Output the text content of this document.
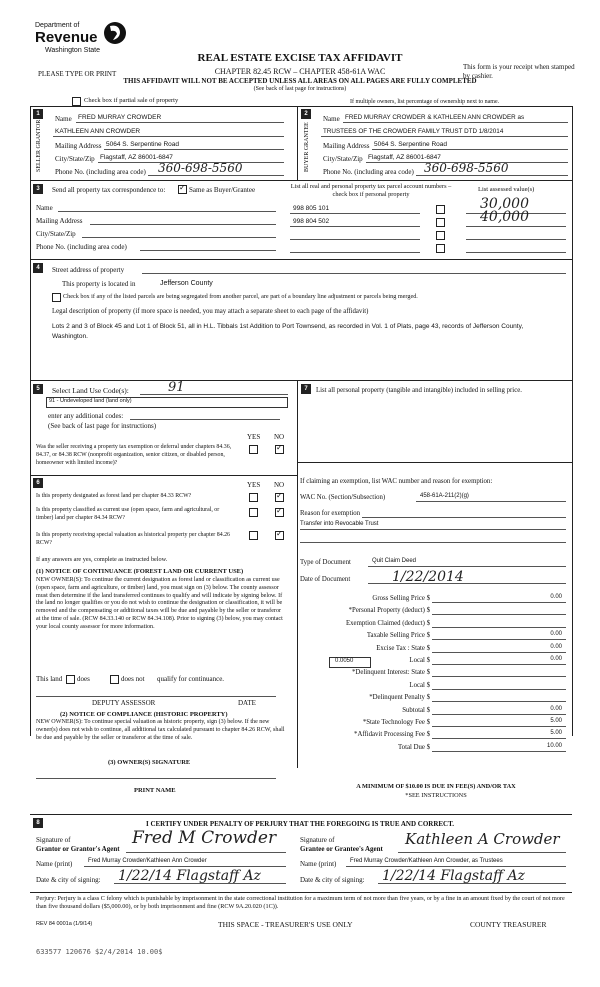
Department of
Revenue
Washington State
PLEASE TYPE OR PRINT
REAL ESTATE EXCISE TAX AFFIDAVIT
CHAPTER 82.45 RCW – CHAPTER 458-61A WAC
THIS AFFIDAVIT WILL NOT BE ACCEPTED UNLESS ALL AREAS ON ALL PAGES ARE FULLY COMPLETED
(See back of last page for instructions)
This form is your receipt when stamped by cashier.
Check box if partial sale of property	If multiple owners, list percentage of ownership next to name.
1
SELLER GRANTOR
Name FRED MURRAY CROWDER
KATHLEEN ANN CROWDER
Mailing Address 5064 S. Serpentine Road
City/State/Zip Flagstaff, AZ 86001-6847
Phone No. (including area code) 360-698-5560
2
BUYER GRANTEE
Name FRED MURRAY CROWDER & KATHLEEN ANN CROWDER as
TRUSTEES OF THE CROWDER FAMILY TRUST DTD 1/8/2014
Mailing Address 5064 S. Serpentine Road
City/State/Zip Flagstaff, AZ 86001-6847
Phone No. (including area code) 360-698-5560
3	Send all property tax correspondence to:
✓	Same as Buyer/Grantee
Name
Mailing Address
City/State/Zip
Phone No. (including area code)
List all real and personal property tax parcel account numbers – check box if personal property
List assessed value(s)
998 805 101	30,000
998 804 502	40,000
4	Street address of property
This property is located in	Jefferson County
Check box if any of the listed parcels are being segregated from another parcel, are part of a boundary line adjustment or parcels being merged.
Legal description of property (if more space is needed, you may attach a separate sheet to each page of the affidavit)
Lots 2 and 3 of Block 45 and Lot 1 of Block 51, all in H.L. Tibbals 1st Addition to Port Townsend, as recorded in Vol. 1 of Plats, page 43, records of Jefferson County, Washington.
5	Select Land Use Code(s):	91
91 - Undeveloped land (land only)
enter any additional codes:
(See back of last page for instructions)
YES NO
Was the seller receiving a property tax exemption or deferral under chapters 84.36, 84.37, or 84.38 RCW (nonprofit organization, senior citizen, or disabled person, homeowner with limited income)?
✓
6	YES NO
Is this property designated as forest land per chapter 84.33 RCW?
✓
Is this property classified as current use (open space, farm and agricultural, or timber) land per chapter 84.34 RCW?
✓
Is this property receiving special valuation as historical property per chapter 84.26 RCW?
✓
If any answers are yes, complete as instructed below.
(1) NOTICE OF CONTINUANCE (FOREST LAND OR CURRENT USE)
NEW OWNER(S): To continue the current designation as forest land or classification as current use (open space, farm and agriculture, or timber) land, you must sign on (3) below. The county assessor must then determine if the land transferred continues to qualify and will indicate by signing below. If the land no longer qualifies or you do not wish to continue the designation or classification, it will be removed and the compensating or additional taxes will be due and payable by the seller or transferor at the time of sale. (RCW 84.33.140 or RCW 84.34.108). Prior to signing (3) below, you may contact your local county assessor for more information.
This land does	does not qualify for continuance.
DEPUTY ASSESSOR	DATE
(2) NOTICE OF COMPLIANCE (HISTORIC PROPERTY)
NEW OWNER(S): To continue special valuation as historic property, sign (3) below. If the new owner(s) does not wish to continue, all additional tax calculated pursuant to chapter 84.26 RCW, shall be due and payable by the seller or transferor at the time of sale.
(3) OWNER(S) SIGNATURE
PRINT NAME
7	List all personal property (tangible and intangible) included in selling price.
If claiming an exemption, list WAC number and reason for exemption:
WAC No. (Section/Subsection)	458-61A-211(2)(g)
Reason for exemption
Transfer into Revocable Trust
Type of Document	Quit Claim Deed
Date of Document	1/22/2014
Gross Selling Price $	0.00
*Personal Property (deduct) $
Exemption Claimed (deduct) $
Taxable Selling Price $	0.00
Excise Tax : State $	0.00
Local $	0.00
*Delinquent Interest: State $
Local $
*Delinquent Penalty $
Subtotal $	0.00
*State Technology Fee $	5.00
*Affidavit Processing Fee $	5.00
Total Due $	10.00
0.0050
A MINIMUM OF $10.00 IS DUE IN FEE(S) AND/OR TAX
*SEE INSTRUCTIONS
8	I CERTIFY UNDER PENALTY OF PERJURY THAT THE FOREGOING IS TRUE AND CORRECT.
Signature of
Grantor or Grantor's Agent
Fred M Crowder
Name (print)	Fred Murray Crowder/Kathleen Ann Crowder
Date & city of signing: 1/22/14 Flagstaff Az
Signature of
Grantee or Grantee's Agent
Kathleen A Crowder
Name (print) Fred Murray Crowder/Kathleen Ann Crowder, as Trustees
Date & city of signing: 1/22/14 Flagstaff Az
Perjury: Perjury is a class C felony which is punishable by imprisonment in the state correctional institution for a maximum term of not more than five years, or by a fine in an amount fixed by the court of not more than five thousand dollars ($5,000.00), or by both imprisonment and fine (RCW 9A.20.020 (1C)).
REV 84 0001a (1/9/14)	THIS SPACE - TREASURER'S USE ONLY	COUNTY TREASURER
633577 120676 $2/4/2014 10.00$
